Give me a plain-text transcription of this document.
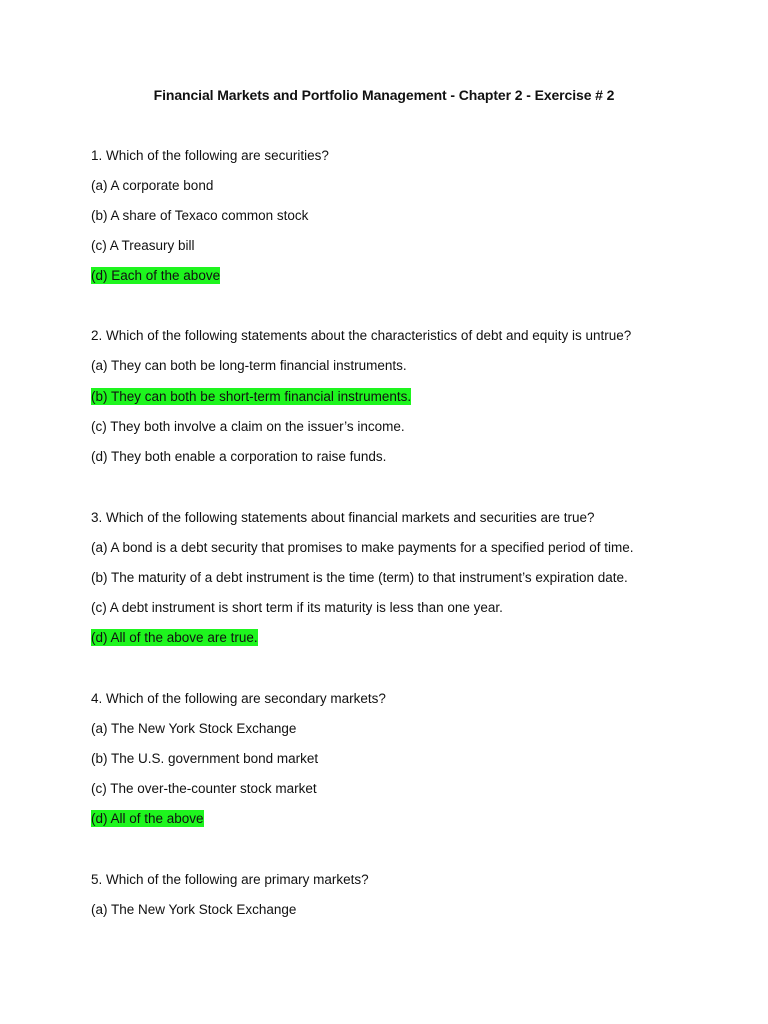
Financial Markets and Portfolio Management - Chapter 2 - Exercise # 2
1. Which of the following are securities?
(a) A corporate bond
(b) A share of Texaco common stock
(c) A Treasury bill
(d) Each of the above
2. Which of the following statements about the characteristics of debt and equity is untrue?
(a) They can both be long-term financial instruments.
(b) They can both be short-term financial instruments.
(c) They both involve a claim on the issuer’s income.
(d) They both enable a corporation to raise funds.
3. Which of the following statements about financial markets and securities are true?
(a) A bond is a debt security that promises to make payments for a specified period of time.
(b) The maturity of a debt instrument is the time (term) to that instrument’s expiration date.
(c) A debt instrument is short term if its maturity is less than one year.
(d) All of the above are true.
4. Which of the following are secondary markets?
(a) The New York Stock Exchange
(b) The U.S. government bond market
(c) The over-the-counter stock market
(d) All of the above
5. Which of the following are primary markets?
(a) The New York Stock Exchange
